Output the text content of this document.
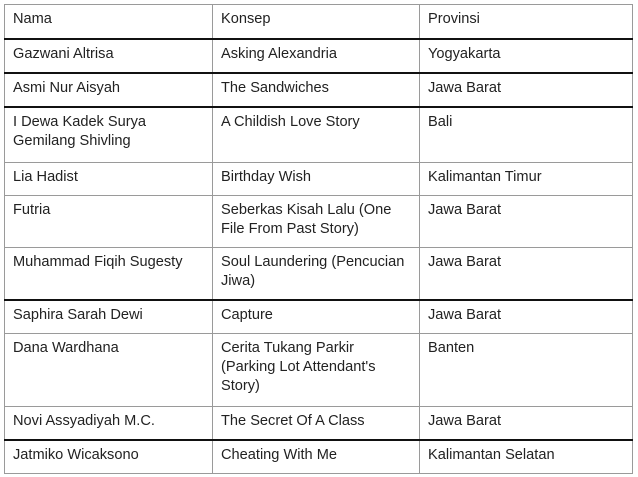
Nama	Konsep	Provinsi
Gazwani Altrisa	Asking Alexandria	Yogyakarta
Asmi Nur Aisyah	The Sandwiches	Jawa Barat
I Dewa Kadek Surya Gemilang Shivling	A Childish Love Story	Bali
Lia Hadist	Birthday Wish	Kalimantan Timur
Futria	Seberkas Kisah Lalu (One File From Past Story)	Jawa Barat
Muhammad Fiqih Sugesty	Soul Laundering (Pencucian Jiwa)	Jawa Barat
Saphira Sarah Dewi	Capture	Jawa Barat
Dana Wardhana	Cerita Tukang Parkir (Parking Lot Attendant's Story)	Banten
Novi Assyadiyah M.C.	The Secret Of A Class	Jawa Barat
Jatmiko Wicaksono	Cheating With Me	Kalimantan Selatan
